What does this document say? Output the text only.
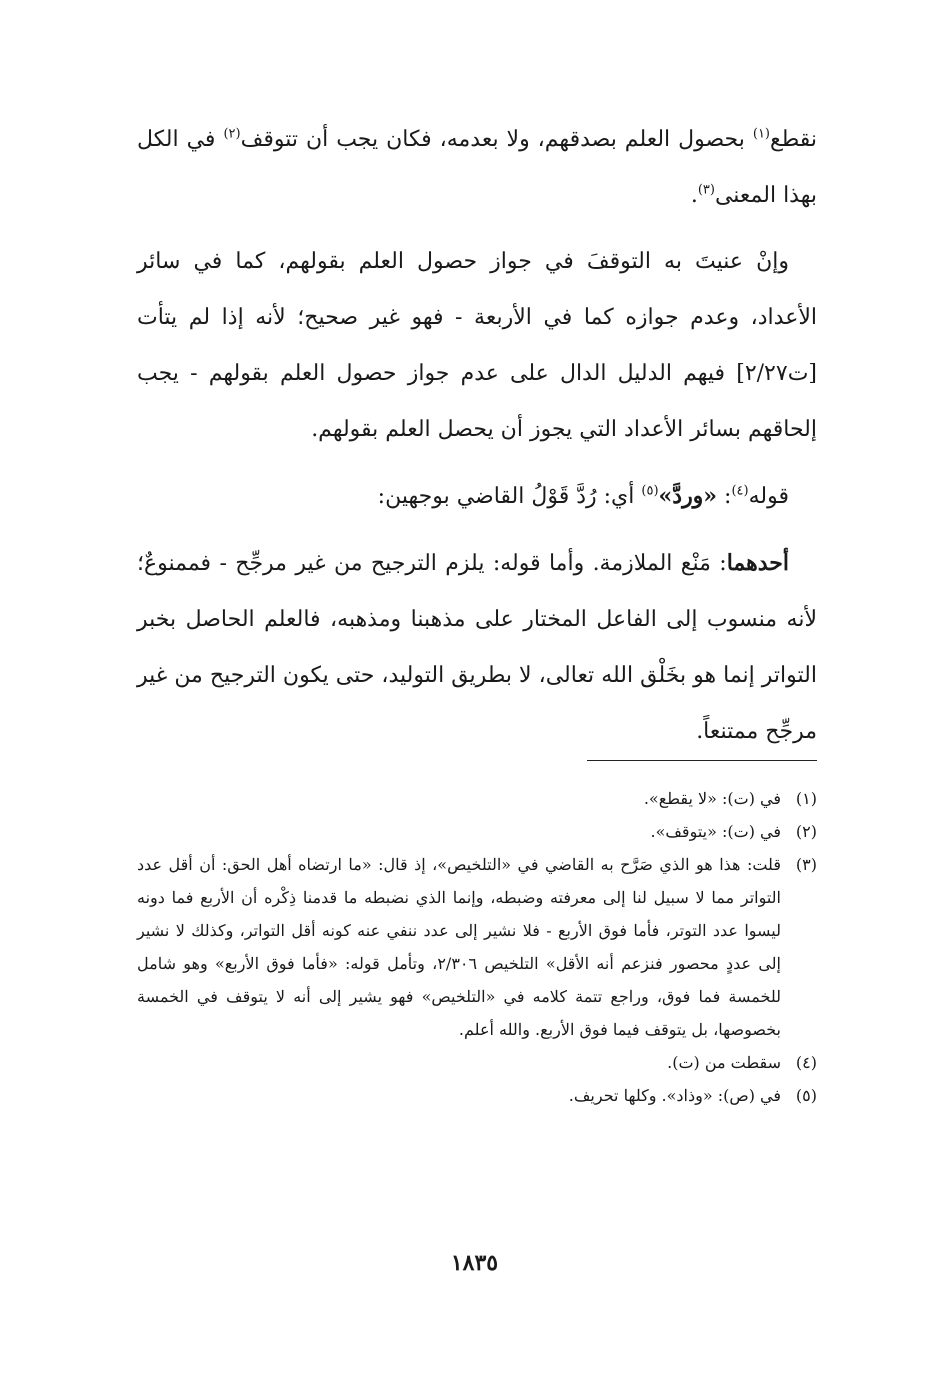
نقطع$^{(١)}$ بحصول العلم بصدقهم، ولا بعدمه، فكان يجب أن تتوقف$^{(٢)}$ في الكل بهذا المعنى$^{(٣)}$.

وإنْ عنيتَ به التوقفَ في جواز حصول العلم بقولهم، كما في سائر الأعداد، وعدم جوازه كما في الأربعة - فهو غير صحيح؛ لأنه إذا لم يتأت [ت٢/٢٧] فيهم الدليل الدال على عدم جواز حصول العلم بقولهم - يجب إلحاقهم بسائر الأعداد التي يجوز أن يحصل العلم بقولهم.

قوله$^{(٤)}$: «وردَّ»$^{(٥)}$ أي: رُدَّ قَوْلُ القاضي بوجهين:

أحدهما: مَنْع الملازمة. وأما قوله: يلزم الترجيح من غير مرجِّح - فممنوعٌ؛ لأنه منسوب إلى الفاعل المختار على مذهبنا ومذهبه، فالعلم الحاصل بخبر التواتر إنما هو بخَلْق الله تعالى، لا بطريق التوليد، حتى يكون الترجيح من غير مرجِّح ممتنعاً.

(١)
في (ت): «لا يقطع».
(٢)
في (ت): «يتوقف».
(٣)
قلت: هذا هو الذي صَرَّح به القاضي في «التلخيص»، إذ قال: «ما ارتضاه أهل الحق: أن أقل عدد التواتر مما لا سبيل لنا إلى معرفته وضبطه، وإنما الذي نضبطه ما قدمنا ذِكْره أن الأربع فما دونه ليسوا عدد التوتر، فأما فوق الأربع - فلا نشير إلى عدد ننفي عنه كونه أقل التواتر، وكذلك لا نشير إلى عددٍ محصور فنزعم أنه الأقل» التلخيص ٢/٣٠٦، وتأمل قوله: «فأما فوق الأربع» وهو شامل للخمسة فما فوق، وراجع تتمة كلامه في «التلخيص» فهو يشير إلى أنه لا يتوقف في الخمسة بخصوصها، بل يتوقف فيما فوق الأربع. والله أعلم.
(٤)
سقطت من (ت).
(٥)
في (ص): «وذاد». وكلها تحريف.
١٨٣٥
